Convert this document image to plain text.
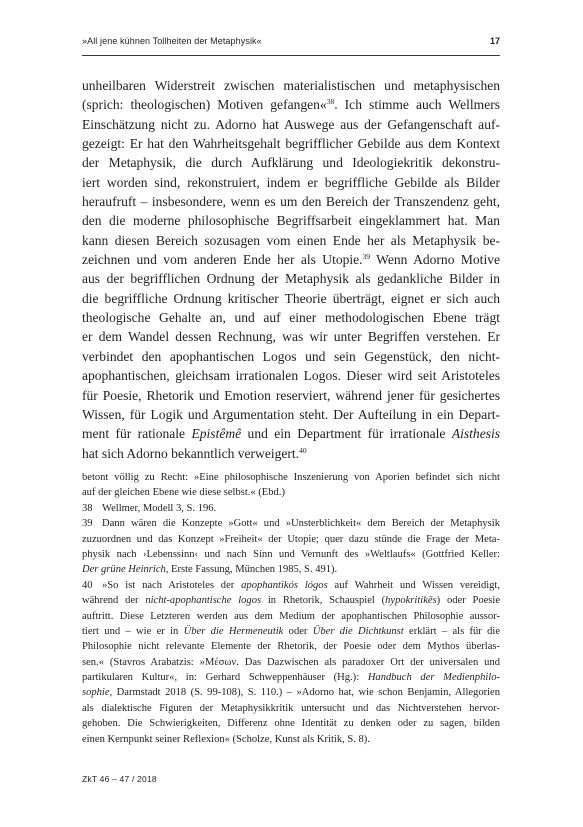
»All jene kühnen Tollheiten der Metaphysik«	17
unheilbaren Widerstreit zwischen materialistischen und metaphysischen
(sprich: theologischen) Motiven gefangen«$^{38}$. Ich stimme auch Wellmers
Einschätzung nicht zu. Adorno hat Auswege aus der Gefangenschaft auf-
gezeigt: Er hat den Wahrheitsgehalt begrifflicher Gebilde aus dem Kontext
der Metaphysik, die durch Aufklärung und Ideologiekritik dekonstru-
iert worden sind, rekonstruiert, indem er begriffliche Gebilde als Bilder
heraufruft – insbesondere, wenn es um den Bereich der Transzendenz geht,
den die moderne philosophische Begriffsarbeit eingeklammert hat. Man
kann diesen Bereich sozusagen vom einen Ende her als Metaphysik be-
zeichnen und vom anderen Ende her als Utopie.$^{39}$ Wenn Adorno Motive
aus der begrifflichen Ordnung der Metaphysik als gedankliche Bilder in
die begriffliche Ordnung kritischer Theorie überträgt, eignet er sich auch
theologische Gehalte an, und auf einer methodologischen Ebene trägt
er dem Wandel dessen Rechnung, was wir unter Begriffen verstehen. Er
verbindet den apophantischen Logos und sein Gegenstück, den nicht-
apophantischen, gleichsam irrationalen Logos. Dieser wird seit Aristoteles
für Poesie, Rhetorik und Emotion reserviert, während jener für gesichertes
Wissen, für Logik und Argumentation steht. Der Aufteilung in ein Depart-
ment für rationale Epistêmê und ein Department für irrationale Aisthesis
hat sich Adorno bekanntlich verweigert.$^{40}$
betont völlig zu Recht: »Eine philosophische Inszenierung von Aporien befindet sich nicht
auf der gleichen Ebene wie diese selbst.« (Ebd.)
38 Wellmer, Modell 3, S. 196.
39 Dann wären die Konzepte »Gott« und »Unsterblichkeit« dem Bereich der Metaphysik
zuzuordnen und das Konzept »Freiheit« der Utopie; quer dazu stünde die Frage der Meta-
physik nach ›Lebenssinn‹ und nach Sinn und Vernunft des »Weltlaufs« (Gottfried Keller:
Der grüne Heinrich, Erste Fassung, München 1985, S. 491).
40 »So ist nach Aristoteles der apophantikós lógos auf Wahrheit und Wissen vereidigt,
während der nicht-apophantische logos in Rhetorik, Schauspiel (hypokritikēs) oder Poesie
auftritt. Diese Letzteren werden aus dem Medium der apophantischen Philosophie aussor-
tiert und – wie er in Über die Hermeneutik oder Über die Dichtkunst erklärt – als für die
Philosophie nicht relevante Elemente der Rhetorik, der Poesie oder dem Mythos überlas-
sen.« (Stavros Arabatzis: »Μέσων. Das Dazwischen als paradoxer Ort der universalen und
partikularen Kultur«, in: Gerhard Schweppenhäuser (Hg.): Handbuch der Medienphilo-
sophie, Darmstadt 2018 (S. 99-108), S. 110.) – »Adorno hat, wie schon Benjamin, Allegorien
als dialektische Figuren der Metaphysikkritik untersucht und das Nichtverstehen hervor-
gehoben. Die Schwierigkeiten, Differenz ohne Identität zu denken oder zu sagen, bilden
einen Kernpunkt seiner Reflexion« (Scholze, Kunst als Kritik, S. 8).
ZkT 46 – 47 / 2018
